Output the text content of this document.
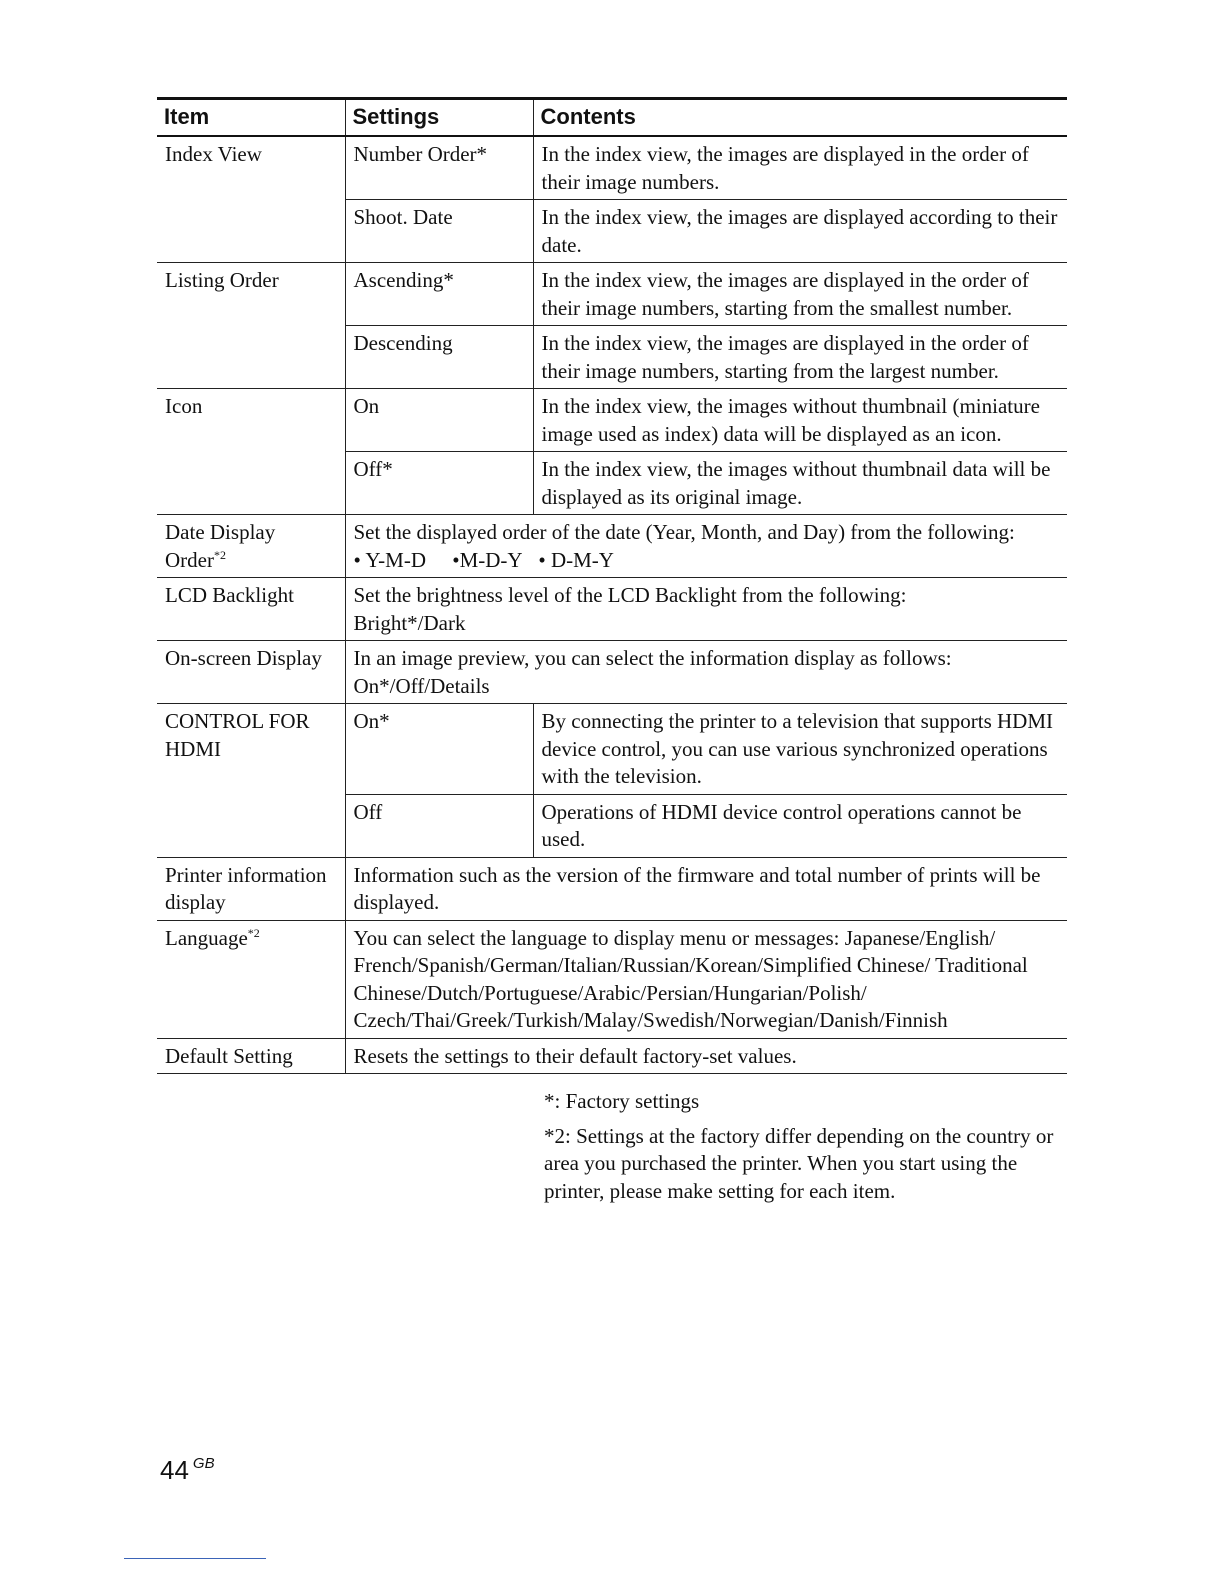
Item	Settings	Contents
Index View	Number Order*	In the index view, the images are displayed in the order of their image numbers.
	Shoot. Date	In the index view, the images are displayed according to their date.
Listing Order	Ascending*	In the index view, the images are displayed in the order of their image numbers, starting from the smallest number.
	Descending	In the index view, the images are displayed in the order of their image numbers, starting from the largest number.
Icon	On	In the index view, the images without thumbnail (miniature image used as index) data will be displayed as an icon.
	Off*	In the index view, the images without thumbnail data will be displayed as its original image.
Date Display Order$^{*2}$	Set the displayed order of the date (Year, Month, and Day) from the following:
• Y-M-D •M-D-Y • D-M-Y	
LCD Backlight	Set the brightness level of the LCD Backlight from the following:
Bright*/Dark	

On-screen Display	In an image preview, you can select the information display as follows:
On*/Off/Details	

CONTROL FOR HDMI	On*	By connecting the printer to a television that supports HDMI device control, you can use various synchronized operations with the television.
	Off	Operations of HDMI device control operations cannot be used.
Printer information display	Information such as the version of the firmware and total number of prints will be displayed.	
Language$^{*2}$	You can select the language to display menu or messages: Japanese/English/ French/Spanish/German/Italian/Russian/Korean/Simplified Chinese/ Traditional Chinese/Dutch/Portuguese/Arabic/Persian/Hungarian/Polish/ Czech/Thai/Greek/Turkish/Malay/Swedish/Norwegian/Danish/Finnish	
Default Setting	Resets the settings to their default factory-set values.	

*: Factory settings

*2: Settings at the factory differ depending on the country or area you purchased the printer. When you start using the printer, please make setting for each item.

44 $^{GB}$
